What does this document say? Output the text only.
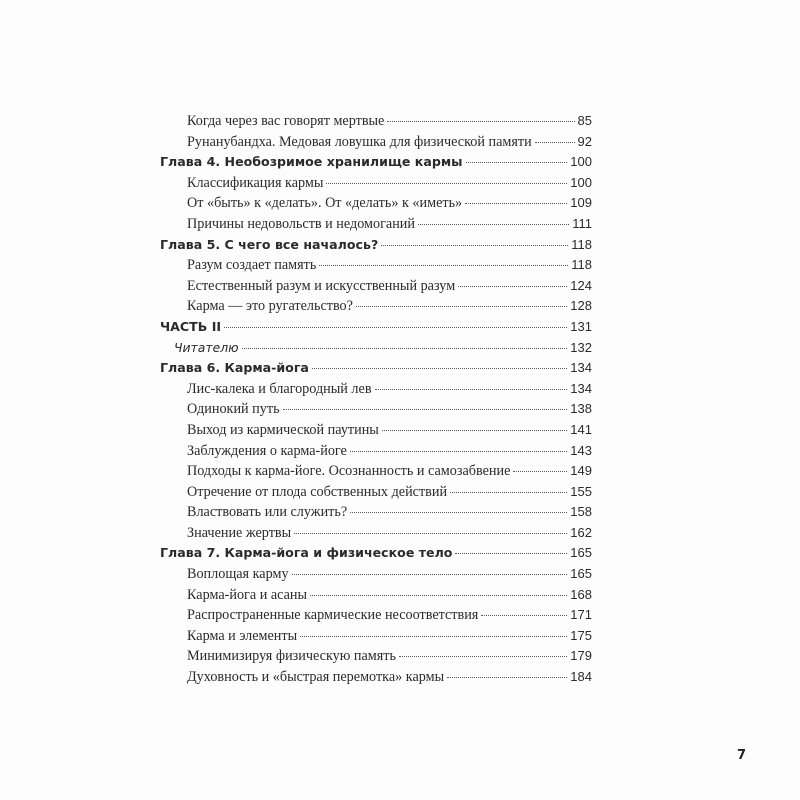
Когда через вас говорят мертвые	85
Рунанубандха. Медовая ловушка для физической памяти	92
Глава 4. Необозримое хранилище кармы	100
Классификация кармы	100
От «быть» к «делать». От «делать» к «иметь»	109
Причины недовольств и недомоганий	111
Глава 5. С чего все началось?	118
Разум создает память	118
Естественный разум и искусственный разум	124
Карма — это ругательство?	128
ЧАСТЬ II	131
Читателю	132
Глава 6. Карма-йога	134
Лис-калека и благородный лев	134
Одинокий путь	138
Выход из кармической паутины	141
Заблуждения о карма-йоге	143
Подходы к карма-йоге. Осознанность и самозабвение	149
Отречение от плода собственных действий	155
Властвовать или служить?	158
Значение жертвы	162
Глава 7. Карма-йога и физическое тело	165
Воплощая карму	165
Карма-йога и асаны	168
Распространенные кармические несоответствия	171
Карма и элементы	175
Минимизируя физическую память	179
Духовность и «быстрая перемотка» кармы	184
7
